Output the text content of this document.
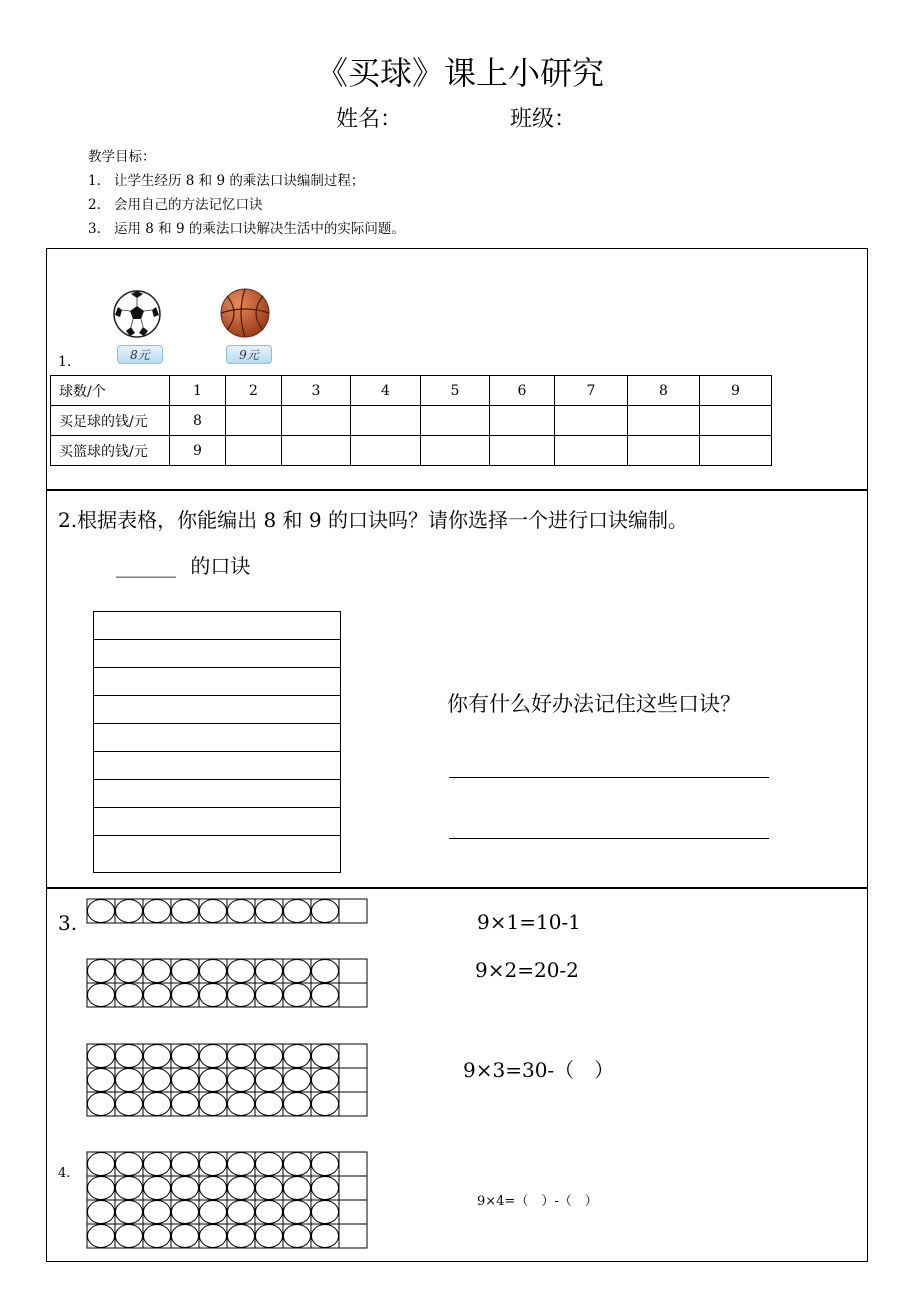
《买球》课上小研究
姓名：	班级：
教学目标：
1. 让学生经历 8 和 9 的乘法口诀编制过程；
2. 会用自己的方法记忆口诀
3. 运用 8 和 9 的乘法口诀解决生活中的实际问题。
8元	9元
1.
球数/个	1	2	3	4	5	6	7	8	9
买足球的钱/元	8								
买篮球的钱/元	9								
2.根据表格，你能编出 8 和 9 的口诀吗？请你选择一个进行口诀编制。
______ 的口诀
你有什么好办法记住这些口诀？
3.
4.
9×1=10-1
9×2=20-2
9×3=30-（　）
9×4=（　）-（　）
